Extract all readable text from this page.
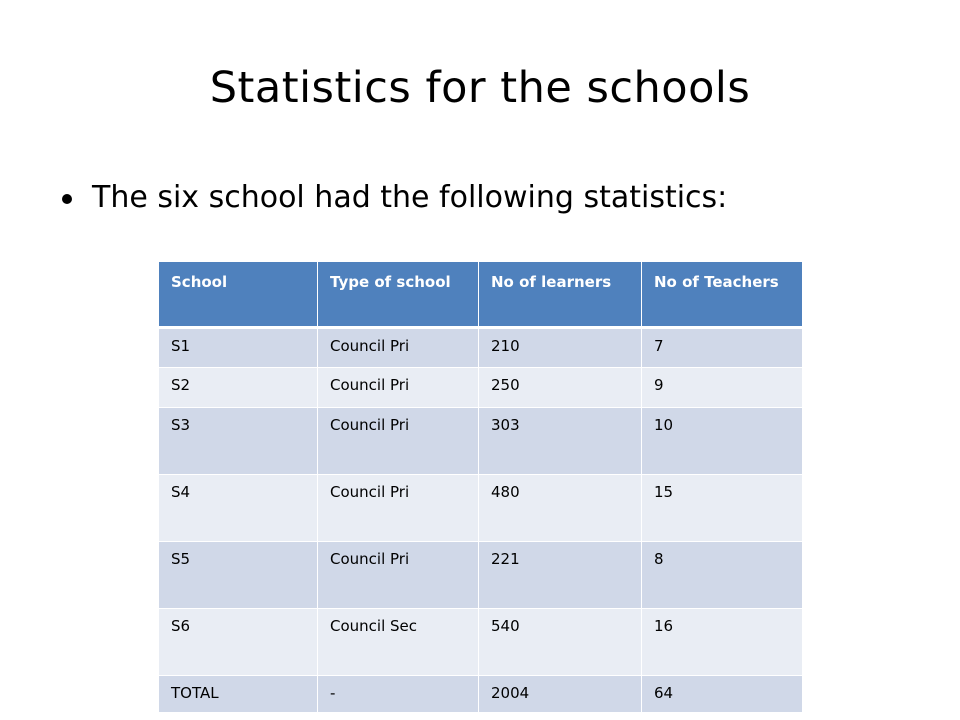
Statistics for the schools
The six school had the following statistics:
School	Type of school	No of learners	No of Teachers
S1	Council Pri	210	7
S2	Council Pri	250	9
S3	Council Pri	303	10
S4	Council Pri	480	15
S5	Council Pri	221	8
S6	Council Sec	540	16
TOTAL	-	2004	64
